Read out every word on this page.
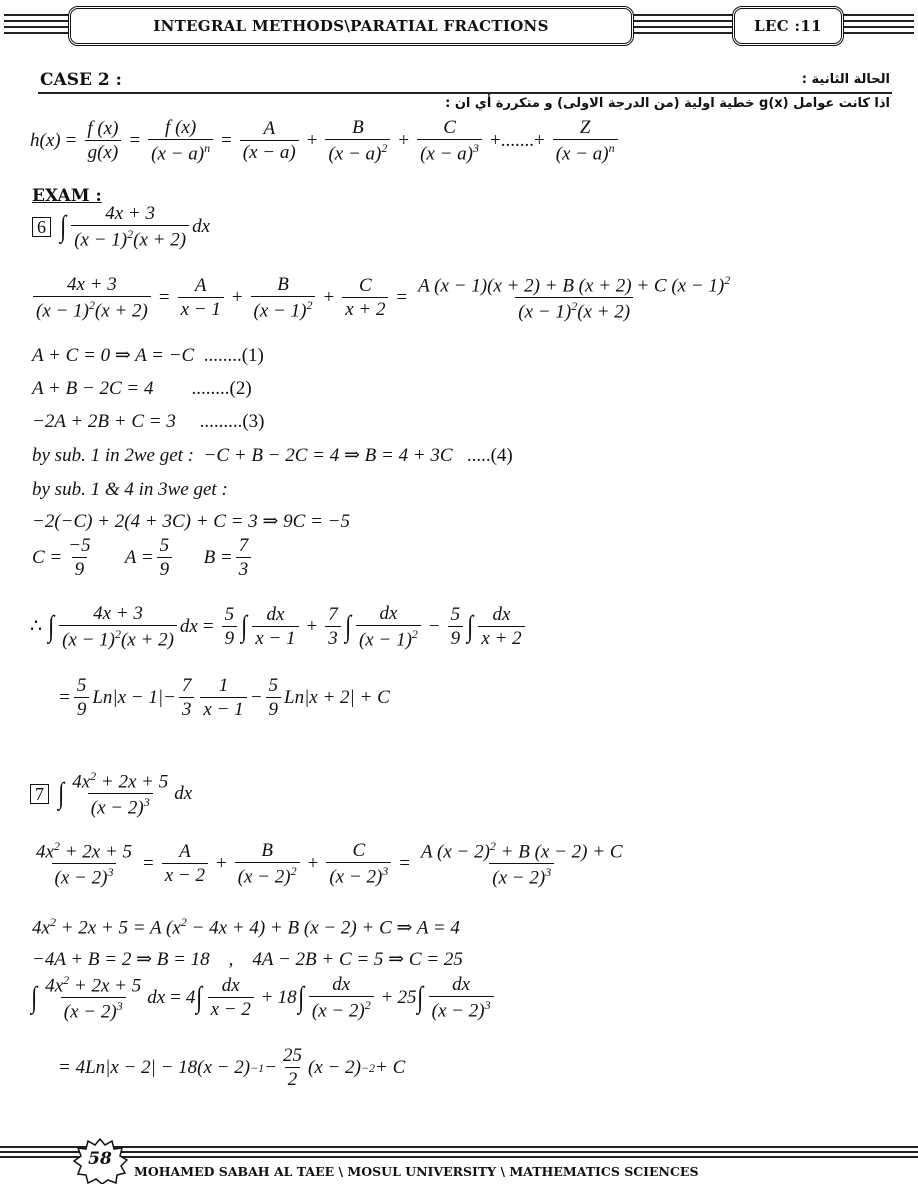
INTEGRAL METHODS\PARATIAL FRACTIONS	LEC :11
CASE 2 :	الحالة الثانية :
اذا كانت عوامل (g(x خطية اولية (من الدرجة الاولى) و متكررة أي ان :
$h(x) = \frac{f (x)}{g(x)} = \frac{f (x)}{(x - a)^n} = \frac{A}{(x - a)} + \frac{B}{(x - a)^2} + \frac{C}{(x - a)^3}$ +.......+ $\frac{Z}{(x - a)^n}$
EXAM :
6 ∫ 4x + 3
$(x - 1)^2(x + 2)$
dx
$\frac{4x + 3}{(x - 1)^2(x + 2)} = \frac{A}{x - 1} + \frac{B}{(x - 1)^2} + \frac{C}{x + 2} = \frac{A (x - 1)(x + 2) + B (x + 2) + C (x - 1)^2}{(x - 1)^2(x + 2)}$
A + C = 0 ⇒ A = −C  ........(1)
A + B − 2C = 4        ........(2)
−2A + 2B + C = 3     .........(3)
by sub. 1 in 2we get :  −C + B − 2C = 4 ⇒ B = 4 + 3C   .....(4)
by sub. 1 & 4 in 3we get :
−2(−C) + 2(4 + 3C) + C = 3 ⇒ 9C = −5
C =
−5
9
A =
5
9
B =
7
3
∴
∫ $\frac{4x + 3}{(x - 1)^2(x + 2)}$ dx = $\frac{5}{9}$ ∫ dx
x − 1
+ $\frac{7}{3}$ ∫ dx
$(x - 1)^2 - \frac{5}{9}$ ∫ dx
x + 2
=
5
9
Ln|x − 1|−
7
3
1
x − 1
−
5
9
Ln|x + 2| + C
7 ∫ $4x^2 + 2x + 5$
$(x - 2)^3$ dx
$\frac{4x^2 + 2x + 5}{(x - 2)^3} = \frac{A}{x - 2} + \frac{B}{(x - 2)^2} + \frac{C}{(x - 2)^3} = \frac{A (x - 2)^2 + B (x - 2) + C}{(x - 2)^3}$
$4x^2 + 2x + 5 = A$ $(x^2 - 4x + 4) + B$ (x − 2) + C ⇒ A = 4
−4A + B = 2 ⇒ B = 18    ,    4A − 2B + C = 5 ⇒ C = 25
∫ $\frac{4x^2 + 2x + 5}{(x - 2)^3}$ dx = 4 ∫ dx
x − 2
+ 18 ∫ dx
$(x - 2)^2 + 25$ ∫ dx
$(x - 2)^3$
= 4Ln|x − 2| − 18(x − 2) −1 −
25
2
(x − 2) −2 + C
58
MOHAMED SABAH AL TAEE \ MOSUL UNIVERSITY \ MATHEMATICS SCIENCES
